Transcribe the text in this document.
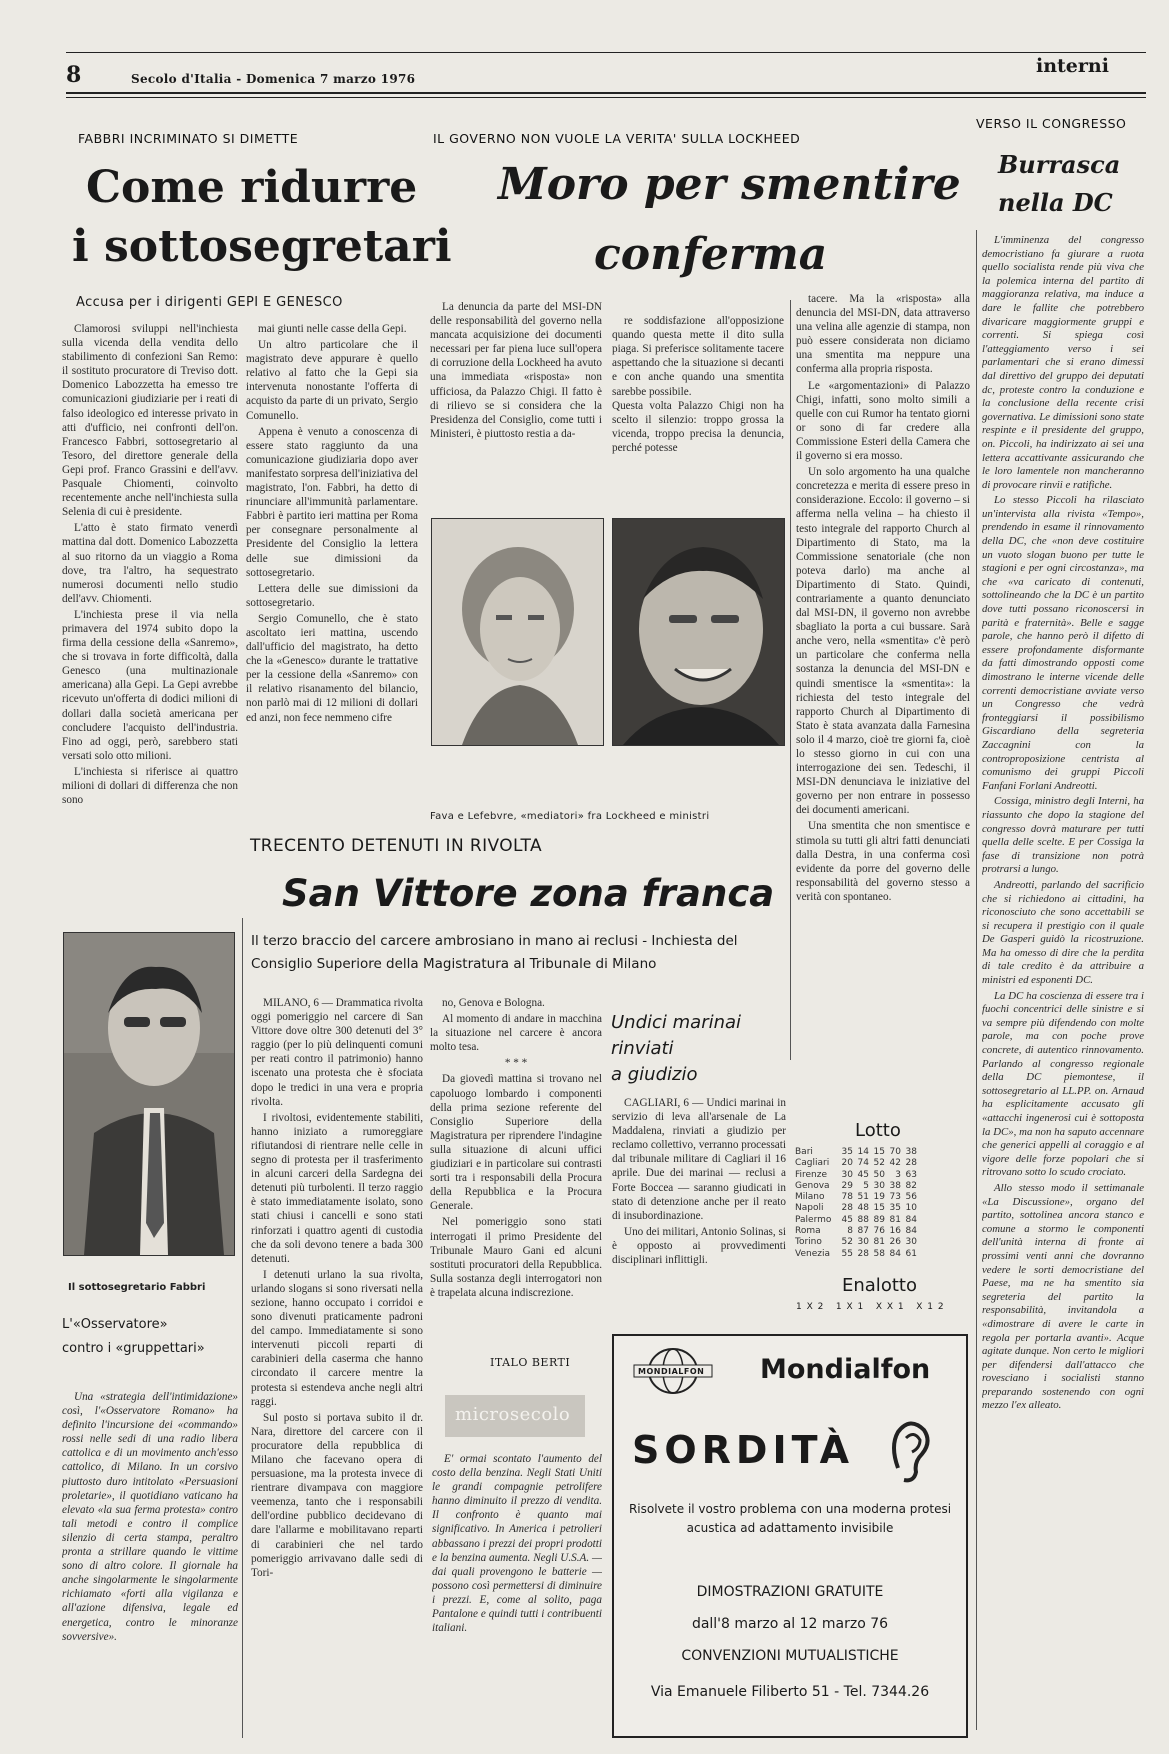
8	Secolo d'Italia - Domenica 7 marzo 1976
interni
FABBRI INCRIMINATO SI DIMETTE
Come ridurre
i sottosegretari
Accusa per i dirigenti GEPI E GENESCO

Clamorosi sviluppi nell'inchiesta sulla vicenda della vendita dello stabilimento di confezioni San Remo: il sostituto procuratore di Treviso dott. Domenico Labozzetta ha emesso tre comunicazioni giudiziarie per i reati di falso ideologico ed interesse privato in atti d'ufficio, nei confronti dell'on. Francesco Fabbri, sottosegretario al Tesoro, del direttore generale della Gepi prof. Franco Grassini e dell'avv. Pasquale Chiomenti, coinvolto recentemente anche nell'inchiesta sulla Selenia di cui è presidente.

L'atto è stato firmato venerdì mattina dal dott. Domenico Labozzetta al suo ritorno da un viaggio a Roma dove, tra l'altro, ha sequestrato numerosi documenti nello studio dell'avv. Chiomenti.

L'inchiesta prese il via nella primavera del 1974 subito dopo la firma della cessione della «Sanremo», che si trovava in forte difficoltà, dalla Genesco (una multinazionale americana) alla Gepi. La Gepi avrebbe ricevuto un'offerta di dodici milioni di dollari dalla società americana per concludere l'acquisto dell'industria. Fino ad oggi, però, sarebbero stati versati solo otto milioni.

L'inchiesta si riferisce ai quattro milioni di dollari di differenza che non sono

mai giunti nelle casse della Gepi.

Un altro particolare che il magistrato deve appurare è quello relativo al fatto che la Gepi sia intervenuta nonostante l'offerta di acquisto da parte di un privato, Sergio Comunello.

Appena è venuto a conoscenza di essere stato raggiunto da una comunicazione giudiziaria dopo aver manifestato sorpresa dell'iniziativa del magistrato, l'on. Fabbri, ha detto di rinunciare all'immunità parlamentare. Fabbri è partito ieri mattina per Roma per consegnare personalmente al Presidente del Consiglio la lettera delle sue dimissioni da sottosegretario.

Lettera delle sue dimissioni da sottosegretario.

Sergio Comunello, che è stato ascoltato ieri mattina, uscendo dall'ufficio del magistrato, ha detto che la «Genesco» durante le trattative per la cessione della «Sanremo» con il relativo risanamento del bilancio, non parlò mai di 12 milioni di dollari ed anzi, non fece nemmeno cifre

Il sottosegretario Fabbri
L'«Osservatore» contro i «gruppettari»

Una «strategia dell'intimidazione» così, l'«Osservatore Romano» ha definito l'incursione dei «commando» rossi nelle sedi di una radio libera cattolica e di un movimento anch'esso cattolico, di Milano. In un corsivo piuttosto duro intitolato «Persuasioni proletarie», il quotidiano vaticano ha elevato «la sua ferma protesta» contro tali metodi e contro il complice silenzio di certa stampa, peraltro pronta a strillare quando le vittime sono di altro colore. Il giornale ha anche singolarmente le singolarmente richiamato «forti alla vigilanza e all'azione difensiva, legale ed energetica, contro le minoranze sovversive».

IL GOVERNO NON VUOLE LA VERITA' SULLA LOCKHEED
Moro per smentire
conferma

La denuncia da parte del MSI-DN delle responsabilità del governo nella mancata acquisizione dei documenti necessari per far piena luce sull'opera di corruzione della Lockheed ha avuto una immediata «risposta» non ufficiosa, da Palazzo Chigi. Il fatto è di rilievo se si considera che la Presidenza del Consiglio, come tutti i Ministeri, è piuttosto restia a da-

re soddisfazione all'opposizione quando questa mette il dito sulla piaga. Si preferisce solitamente tacere aspettando che la situazione si decanti e con anche quando una smentita sarebbe possibile.
Questa volta Palazzo Chigi non ha scelto il silenzio: troppo grossa la vicenda, troppo precisa la denuncia, perché potesse

tacere. Ma la «risposta» alla denuncia del MSI-DN, data attraverso una velina alle agenzie di stampa, non può essere considerata non diciamo una smentita ma neppure una conferma alla propria risposta.

Le «argomentazioni» di Palazzo Chigi, infatti, sono molto simili a quelle con cui Rumor ha tentato giorni or sono di far credere alla Commissione Esteri della Camera che il governo si era mosso.

Un solo argomento ha una qualche concretezza e merita di essere preso in considerazione. Eccolo: il governo – si afferma nella velina – ha chiesto il testo integrale del rapporto Church al Dipartimento di Stato, ma la Commissione senatoriale (che non poteva darlo) ma anche al Dipartimento di Stato. Quindi, contrariamente a quanto denunciato dal MSI-DN, il governo non avrebbe sbagliato la porta a cui bussare. Sarà anche vero, nella «smentita» c'è però un particolare che conferma nella sostanza la denuncia del MSI-DN e quindi smentisce la «smentita»: la richiesta del testo integrale del rapporto Church al Dipartimento di Stato è stata avanzata dalla Farnesina solo il 4 marzo, cioè tre giorni fa, cioè lo stesso giorno in cui con una interrogazione dei sen. Tedeschi, il MSI-DN denunciava le iniziative del governo per non entrare in possesso dei documenti americani.

Una smentita che non smentisce e stimola su tutti gli altri fatti denunciati dalla Destra, in una conferma così evidente da porre del governo delle responsabilità del governo stesso a verità con spontaneo.

Fava e Lefebvre, «mediatori» fra Lockheed e ministri
TRECENTO DETENUTI IN RIVOLTA
San Vittore zona franca
Il terzo braccio del carcere ambrosiano in mano ai reclusi - Inchiesta del Consiglio Superiore della Magistratura al Tribunale di Milano

MILANO, 6 — Drammatica rivolta oggi pomeriggio nel carcere di San Vittore dove oltre 300 detenuti del 3° raggio (per lo più delinquenti comuni per reati contro il patrimonio) hanno iscenato una protesta che è sfociata dopo le tredici in una vera e propria rivolta.

I rivoltosi, evidentemente stabiliti, hanno iniziato a rumoreggiare rifiutandosi di rientrare nelle celle in segno di protesta per il trasferimento in alcuni carceri della Sardegna dei detenuti più turbolenti. Il terzo raggio è stato immediatamente isolato, sono stati chiusi i cancelli e sono stati rinforzati i quattro agenti di custodia che da soli devono tenere a bada 300 detenuti.

I detenuti urlano la sua rivolta, urlando slogans si sono riversati nella sezione, hanno occupato i corridoi e sono divenuti praticamente padroni del campo. Immediatamente si sono intervenuti piccoli reparti di carabinieri della caserma che hanno circondato il carcere mentre la protesta si estendeva anche negli altri raggi.

Sul posto si portava subito il dr. Nara, direttore del carcere con il procuratore della repubblica di Milano che facevano opera di persuasione, ma la protesta invece di rientrare divampava con maggiore veemenza, tanto che i responsabili dell'ordine pubblico decidevano di dare l'allarme e mobilitavano reparti di carabinieri che nel tardo pomeriggio arrivavano dalle sedi di Tori-

no, Genova e Bologna.

Al momento di andare in macchina la situazione nel carcere è ancora molto tesa.

* * *

Da giovedì mattina si trovano nel capoluogo lombardo i componenti della prima sezione referente del Consiglio Superiore della Magistratura per riprendere l'indagine sulla situazione di alcuni uffici giudiziari e in particolare sui contrasti sorti tra i responsabili della Procura della Repubblica e la Procura Generale.

Nel pomeriggio sono stati interrogati il primo Presidente del Tribunale Mauro Gani ed alcuni sostituti procuratori della Repubblica. Sulla sostanza degli interrogatori non è trapelata alcuna indiscrezione.

ITALO BERTI
Undici marinai
rinviati
a giudizio

CAGLIARI, 6 — Undici marinai in servizio di leva all'arsenale de La Maddalena, rinviati a giudizio per reclamo collettivo, verranno processati dal tribunale militare di Cagliari il 16 aprile. Due dei marinai — reclusi a Forte Boccea — saranno giudicati in stato di detenzione anche per il reato di insubordinazione.

Uno dei militari, Antonio Solinas, si è opposto ai provvedimenti disciplinari inflittigli.

microsecolo

E' ormai scontato l'aumento del costo della benzina. Negli Stati Uniti le grandi compagnie petrolifere hanno diminuito il prezzo di vendita. Il confronto è quanto mai significativo. In America i petrolieri abbassano i prezzi dei propri prodotti e la benzina aumenta. Negli U.S.A. — dai quali provengono le batterie — possono così permettersi di diminuire i prezzi. E, come al solito, paga Pantalone e quindi tutti i contribuenti italiani.

Lotto
Bari	35 14 15 70 38
Cagliari	20 74 52 42 28
Firenze	30 45 50	3 63
Genova	29	5 30 38 82
Milano	78 51 19 73 56
Napoli	28 48 15 35 10
Palermo	45 88 89 81 84
Roma	8 87 76 16 84
Torino	52 30 81 26 30
Venezia	55 28 58 84 61
Enalotto
1 X 2   1 X 1   X X 1   X 1 2
MONDIALFON Mondialfon
SORDITÀ
Risolvete il vostro problema con una moderna protesi acustica ad adattamento invisibile
DIMOSTRAZIONI GRATUITE
dall'8 marzo al 12 marzo 76
CONVENZIONI MUTUALISTICHE
Via Emanuele Filiberto 51 - Tel. 7344.26
VERSO IL CONGRESSO
Burrasca
nella DC

L'imminenza del congresso democristiano fa giurare a ruota quello socialista rende più viva che la polemica interna del partito di maggioranza relativa, ma induce a dare le fallite che potrebbero divaricare maggiormente gruppi e correnti. Si spiega così l'atteggiamento verso i sei parlamentari che si erano dimessi dal direttivo del gruppo dei deputati dc, proteste contro la conduzione e la conclusione della recente crisi governativa. Le dimissioni sono state respinte e il presidente del gruppo, on. Piccoli, ha indirizzato ai sei una lettera accattivante assicurando che le loro lamentele non mancheranno di provocare rinvii e ratifiche.

Lo stesso Piccoli ha rilasciato un'intervista alla rivista «Tempo», prendendo in esame il rinnovamento della DC, che «non deve costituire un vuoto slogan buono per tutte le stagioni e per ogni circostanza», ma che «va caricato di contenuti, sottolineando che la DC è un partito dove tutti possano riconoscersi in parità e fraternità». Belle e sagge parole, che hanno però il difetto di essere profondamente disformante da fatti dimostrando opposti come dimostrano le interne vicende delle correnti democristiane avviate verso un Congresso che vedrà fronteggiarsi il possibilismo Giscardiano della segreteria Zaccagnini con la controproposizione centrista al comunismo dei gruppi Piccoli Fanfani Forlani Andreotti.

Cossiga, ministro degli Interni, ha riassunto che dopo la stagione del congresso dovrà maturare per tutti quella delle scelte. E per Cossiga la fase di transizione non potrà protrarsi a lungo.

Andreotti, parlando del sacrificio che si richiedono ai cittadini, ha riconosciuto che sono accettabili se si recupera il prestigio con il quale De Gasperi guidò la ricostruzione. Ma ha omesso di dire che la perdita di tale credito è da attribuire a ministri ed esponenti DC.

La DC ha coscienza di essere tra i fuochi concentrici delle sinistre e si va sempre più difendendo con molte parole, ma con poche prove concrete, di autentico rinnovamento. Parlando al congresso regionale della DC piemontese, il sottosegretario al LL.PP. on. Arnaud ha esplicitamente accusato gli «attacchi ingenerosi cui è sottoposta la DC», ma non ha saputo accennare che generici appelli al coraggio e al vigore delle forze popolari che si ritrovano sotto lo scudo crociato.

Allo stesso modo il settimanale «La Discussione», organo del partito, sottolinea ancora stanco e comune a stormo le componenti dell'unità interna di fronte ai prossimi venti anni che dovranno vedere le sorti democristiane del Paese, ma ne ha smentito sia segreteria del partito la responsabilità, invitandola a «dimostrare di avere le carte in regola per portarla avanti». Acque agitate dunque. Non certo le migliori per difendersi dall'attacco che rovesciano i socialisti stanno preparando sostenendo con ogni mezzo l'ex alleato.
